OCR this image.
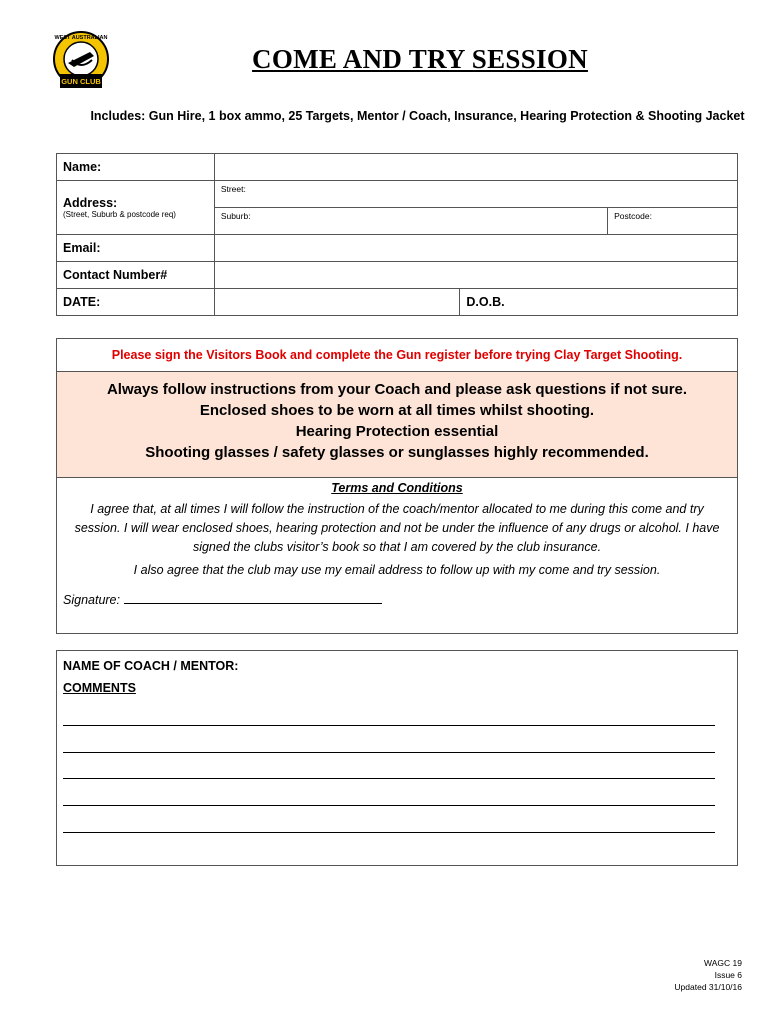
GUN CLUB
WEST AUSTRALIAN
COME AND TRY SESSION
Includes: Gun Hire, 1 box ammo, 25 Targets, Mentor / Coach, Insurance, Hearing Protection & Shooting Jacket
Name:			

Address:
(Street, Suburb & postcode req)	Street:		
	Suburb:		Postcode:
Email:			
Contact Number#			
DATE:		D.O.B.	
Please sign the Visitors Book and complete the Gun register before trying Clay Target Shooting.
Always follow instructions from your Coach and please ask questions if not sure.
Enclosed shoes to be worn at all times whilst shooting.
Hearing Protection essential
Shooting glasses / safety glasses or sunglasses highly recommended.
Terms and Conditions
I agree that, at all times I will follow the instruction of the coach/mentor allocated to me during this come and try session. I will wear enclosed shoes, hearing protection and not be under the influence of any drugs or alcohol. I have signed the clubs visitor’s book so that I am covered by the club insurance.
I also agree that the club may use my email address to follow up with my come and try session.
Signature:
NAME OF COACH / MENTOR:
COMMENTS
WAGC 19
Issue 6
Updated 31/10/16
